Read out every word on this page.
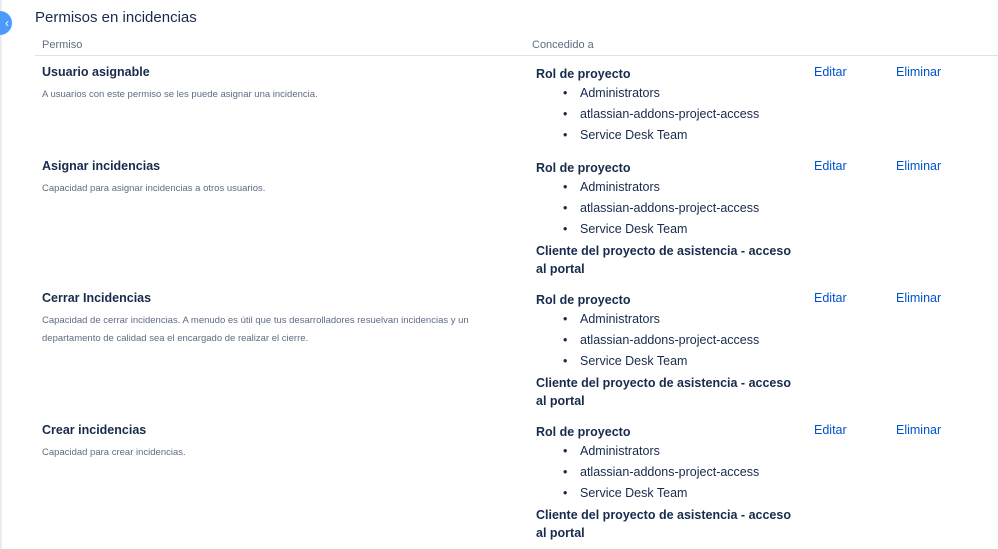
‹ Permisos en incidencias
Permiso	Concedido a
Usuario asignable
A usuarios con este permiso se les puede asignar una incidencia.
Rol de proyecto
• Administrators
• atlassian-addons-project-access
• Service Desk Team
Editar	Eliminar
Asignar incidencias
Capacidad para asignar incidencias a otros usuarios.
Rol de proyecto
• Administrators
• atlassian-addons-project-access
• Service Desk Team
Cliente del proyecto de asistencia - acceso al portal
Editar	Eliminar
Cerrar Incidencias
Capacidad de cerrar incidencias. A menudo es útil que tus desarrolladores resuelvan incidencias y un departamento de calidad sea el encargado de realizar el cierre.
Rol de proyecto
• Administrators
• atlassian-addons-project-access
• Service Desk Team
Cliente del proyecto de asistencia - acceso al portal
Editar	Eliminar
Crear incidencias
Capacidad para crear incidencias.
Rol de proyecto
• Administrators
• atlassian-addons-project-access
• Service Desk Team
Cliente del proyecto de asistencia - acceso al portal
Editar	Eliminar
